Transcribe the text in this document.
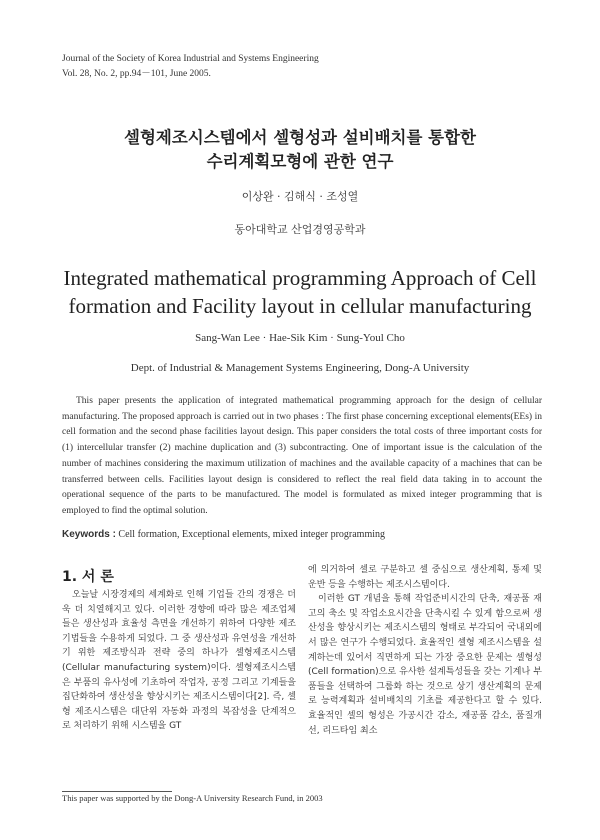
Journal of the Society of Korea Industrial and Systems Engineering
Vol. 28, No. 2, pp.94－101, June 2005.
셀형제조시스템에서 셀형성과 설비배치를 통합한
수리계획모형에 관한 연구
이상완 · 김해식 · 조성열
동아대학교 산업경영공학과
Integrated mathematical programming Approach of Cell
formation and Facility layout in cellular manufacturing
Sang-Wan Lee · Hae-Sik Kim · Sung-Youl Cho
Dept. of Industrial & Management Systems Engineering, Dong-A University
This paper presents the application of integrated mathematical programming approach for the design of cellular manufacturing. The proposed approach is carried out in two phases : The first phase concerning exceptional elements(EEs) in cell formation and the second phase facilities layout design. This paper considers the total costs of three important costs for (1) intercellular transfer (2) machine duplication and (3) subcontracting. One of important issue is the calculation of the number of machines considering the maximum utilization of machines and the available capacity of a machines that can be transferred between cells. Facilities layout design is considered to reflect the real field data taking in to account the operational sequence of the parts to be manufactured. The model is formulated as mixed integer programming that is employed to find the optimal solution.
Keywords : Cell formation, Exceptional elements, mixed integer programming
1. 서 론
오늘날 시장경제의 세계화로 인해 기업들 간의 경쟁은 더욱 더 치열해지고 있다. 이러한 경향에 따라 많은 제조업체들은 생산성과 효율성 측면을 개선하기 위하여 다양한 제조 기법들을 수용하게 되었다. 그 중 생산성과 유연성을 개선하기 위한 제조방식과 전략 중의 하나가 셀형제조시스템(Cellular manufacturing system)이다. 셀형제조시스템은 부품의 유사성에 기초하여 작업자, 공정 그리고 기계들을 집단화하여 생산성을 향상시키는 제조시스템이다[2]. 즉, 셀형 제조시스템은 대단위 자동화 과정의 복잡성을 단계적으로 처리하기 위해 시스템을 GT

에 의거하여 셀로 구분하고 셀 중심으로 생산계획, 통제 및 운반 등을 수행하는 제조시스템이다.

이러한 GT 개념을 통해 작업준비시간의 단축, 재공품 재고의 축소 및 작업소요시간을 단축시킬 수 있게 함으로써 생산성을 향상시키는 제조시스템의 형태로 부각되어 국내외에서 많은 연구가 수행되었다. 효율적인 셀형 제조시스템을 설계하는데 있어서 직면하게 되는 가장 중요한 문제는 셀형성(Cell formation)으로 유사한 설계특성들을 갖는 기계나 부품들을 선택하여 그룹화 하는 것으로 상기 생산계획의 문제로 능력계획과 설비배치의 기초를 제공한다고 할 수 있다. 효율적인 셀의 형성은 가공시간 감소, 재공품 감소, 품질개선, 리드타임 최소

This paper was supported by the Dong-A University Research Fund, in 2003
